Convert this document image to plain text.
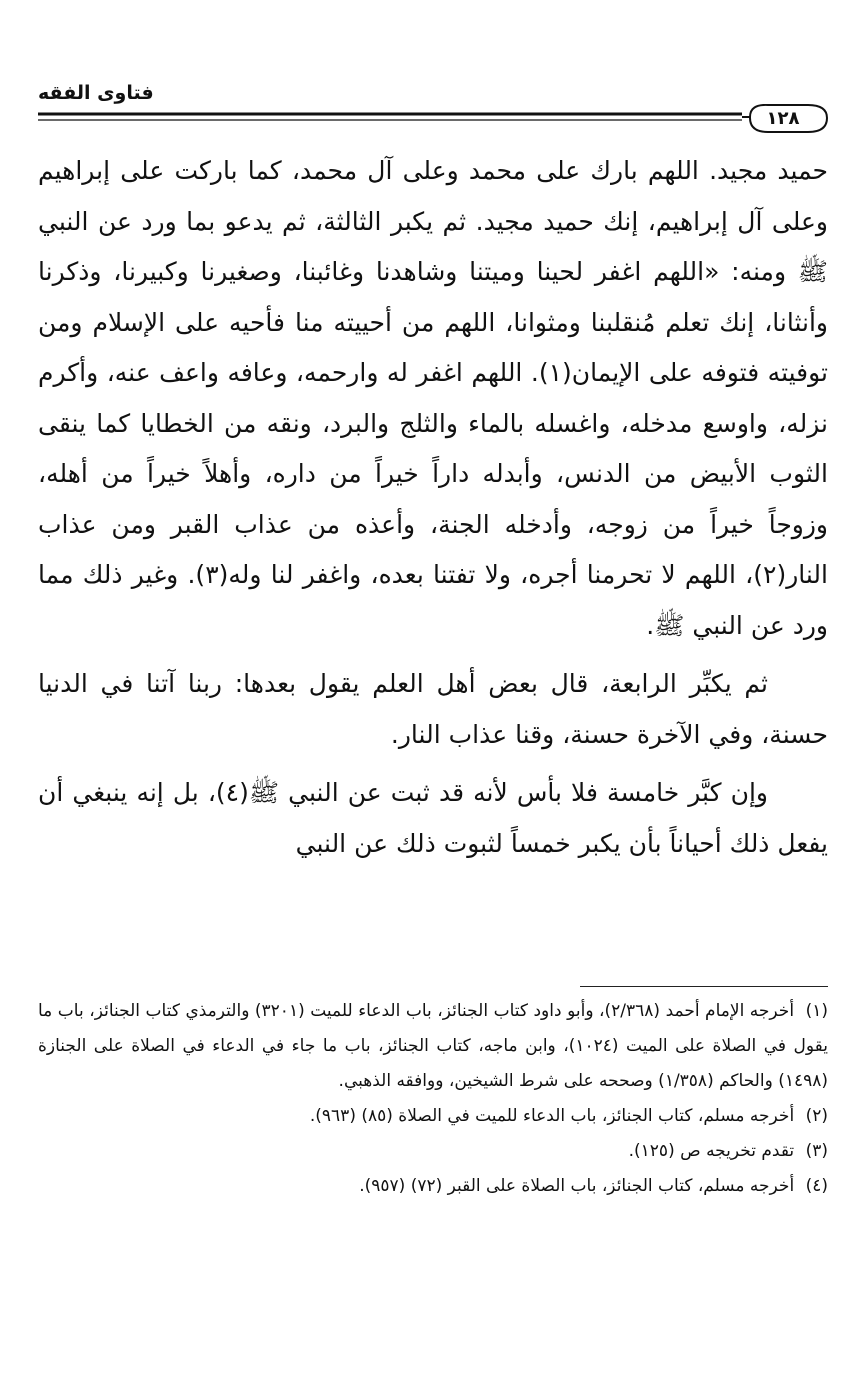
فتاوى الفقه
١٢٨

حميد مجيد. اللهم بارك على محمد وعلى آل محمد، كما باركت على إبراهيم وعلى آل إبراهيم، إنك حميد مجيد. ثم يكبر الثالثة، ثم يدعو بما ورد عن النبي ﷺ ومنه: «اللهم اغفر لحينا وميتنا وشاهدنا وغائبنا، وصغيرنا وكبيرنا، وذكرنا وأنثانا، إنك تعلم مُنقلبنا ومثوانا، اللهم من أحييته منا فأحيه على الإسلام ومن توفيته فتوفه على الإيمان(١). اللهم اغفر له وارحمه، وعافه واعف عنه، وأكرم نزله، واوسع مدخله، واغسله بالماء والثلج والبرد، ونقه من الخطايا كما ينقى الثوب الأبيض من الدنس، وأبدله داراً خيراً من داره، وأهلاً خيراً من أهله، وزوجاً خيراً من زوجه، وأدخله الجنة، وأعذه من عذاب القبر ومن عذاب النار(٢)، اللهم لا تحرمنا أجره، ولا تفتنا بعده، واغفر لنا وله(٣). وغير ذلك مما ورد عن النبي ﷺ.

ثم يكبِّر الرابعة، قال بعض أهل العلم يقول بعدها: ربنا آتنا في الدنيا حسنة، وفي الآخرة حسنة، وقنا عذاب النار.

وإن كبَّر خامسة فلا بأس لأنه قد ثبت عن النبي ﷺ(٤)، بل إنه ينبغي أن يفعل ذلك أحياناً بأن يكبر خمساً لثبوت ذلك عن النبي

(١) أخرجه الإمام أحمد (٢/٣٦٨)، وأبو داود كتاب الجنائز، باب الدعاء للميت (٣٢٠١) والترمذي كتاب الجنائز، باب ما يقول في الصلاة على الميت (١٠٢٤)، وابن ماجه، كتاب الجنائز، باب ما جاء في الدعاء في الصلاة على الجنازة (١٤٩٨) والحاكم (١/٣٥٨) وصححه على شرط الشيخين، ووافقه الذهبي.

(٢) أخرجه مسلم، كتاب الجنائز، باب الدعاء للميت في الصلاة (٨٥) (٩٦٣).

(٣) تقدم تخريجه ص (١٢٥).

(٤) أخرجه مسلم، كتاب الجنائز، باب الصلاة على القبر (٧٢) (٩٥٧).
